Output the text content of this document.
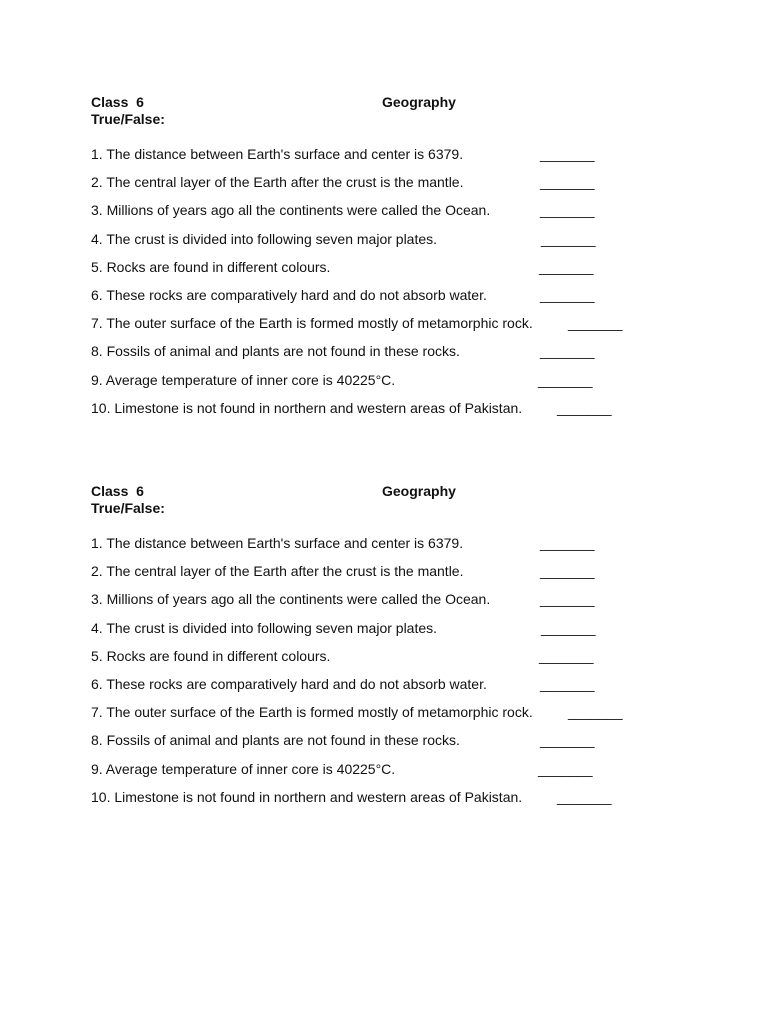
Class  6	Geography
True/False:
1. The distance between Earth's surface and center is 6379.	_______
2. The central layer of the Earth after the crust is the mantle.	_______
3. Millions of years ago all the continents were called the Ocean.	_______
4. The crust is divided into following seven major plates.	_______
5. Rocks are found in different colours.	_______
6. These rocks are comparatively hard and do not absorb water.	_______
7. The outer surface of the Earth is formed mostly of metamorphic rock.	_______
8. Fossils of animal and plants are not found in these rocks.	_______
9. Average temperature of inner core is 40225°C.	_______
10. Limestone is not found in northern and western areas of Pakistan. _______
Class  6	Geography
True/False:
1. The distance between Earth's surface and center is 6379.	_______
2. The central layer of the Earth after the crust is the mantle.	_______
3. Millions of years ago all the continents were called the Ocean.	_______
4. The crust is divided into following seven major plates.	_______
5. Rocks are found in different colours.	_______
6. These rocks are comparatively hard and do not absorb water.	_______
7. The outer surface of the Earth is formed mostly of metamorphic rock.	_______
8. Fossils of animal and plants are not found in these rocks.	_______
9. Average temperature of inner core is 40225°C.	_______
10. Limestone is not found in northern and western areas of Pakistan. _______
